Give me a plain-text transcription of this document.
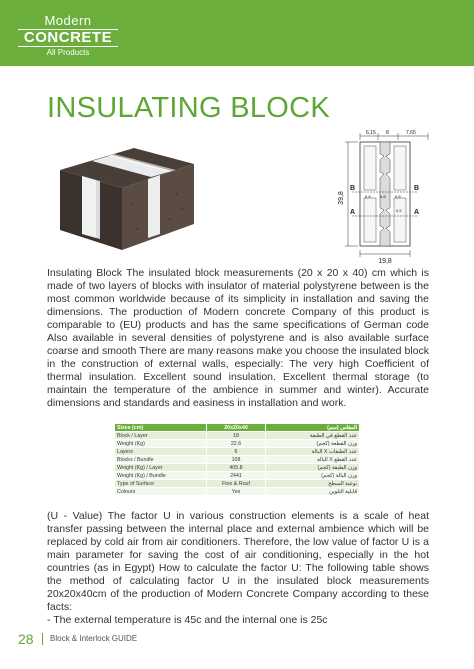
Modern
CONCRETE
All Products
INSULATING BLOCK
6,15 8	7,65
B	B
A	A
6,8 6,8 6,8
0,5
39,8
19,8

Insulating Block The insulated block measurements (20 x 20 x 40) cm which is made of two layers of blocks with insulator of material polystyrene between is the most common worldwide because of its simplicity in installation and saving the dimensions. The production of Modern concrete Company of this product is comparable to (EU) products and has the same specifications of German code Also available in several densities of polystyrene and is also available surface coarse and smooth There are many reasons make you choose the insulated block in the construction of external walls, especially: The very high Coefficient of thermal insulation. Excellent sound insulation. Excellent thermal storage (to maintain the temperature of the ambience in summer and winter). Accurate dimensions and standards and easiness in installation and work.

Sizes (cm)	20x20x40	المقاس (سم)
Block / Layer	18	عدد القطع في الطبقة
Weight (Kg)	22.6	وزن القطعة (كجم)
Layers	6	عدد الطبقات X البالة
Blocks / Bundle	108	عدد القطع X البالة
Weight (Kg) / Layer	405.8	وزن الطبقة (كجم)
Weight (Kg) / Bundle	2441	وزن البالة (كجم)
Type of Surface	Fine & Rouf	نوعية السطح
Colours	Yes	قابلية التلوين

(U - Value) The factor U in various construction elements is a scale of heat transfer passing between the internal place and external ambience which will be replaced by cold air from air conditioners. Therefore, the low value of factor U is a main parameter for saving the cost of air conditioning, especially in the hot countries (as in Egypt) How to calculate the factor U: The following table shows the method of calculating factor U in the insulated block measurements 20x20x40cm of the production of Modern Concrete Company according to these facts:
- The external temperature is 45c and the internal one is 25c

28 Block & Interlock GUIDE
